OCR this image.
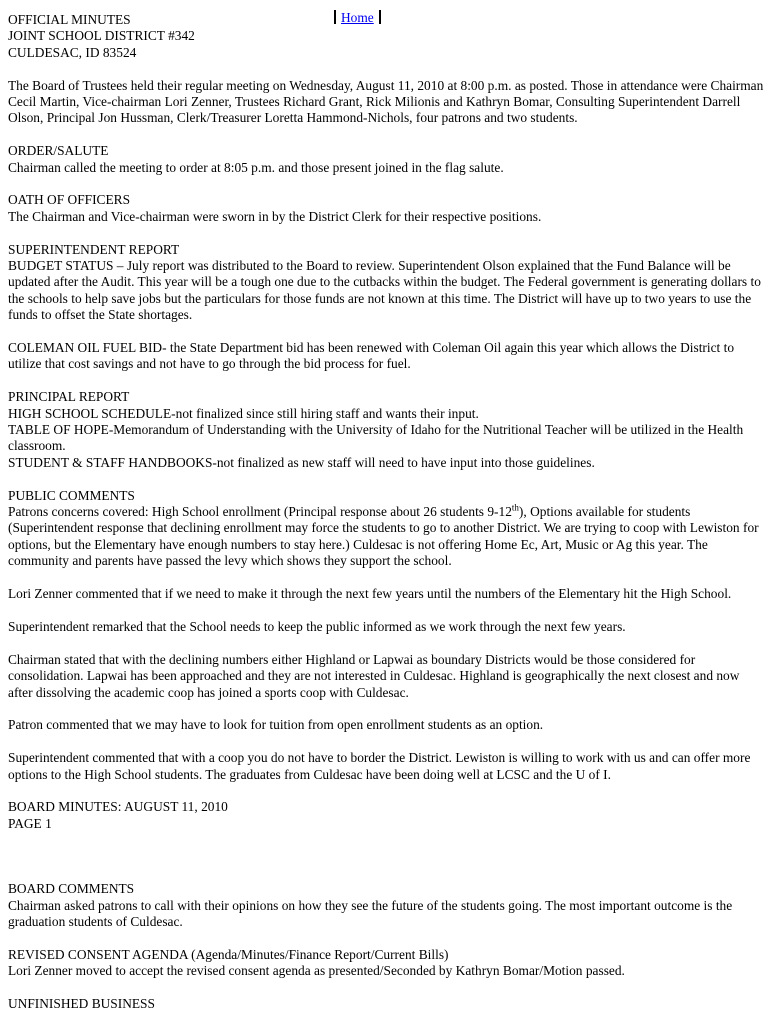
OFFICIAL MINUTES
JOINT SCHOOL DISTRICT #342
CULDESAC, ID 83524
Home

The Board of Trustees held their regular meeting on Wednesday, August 11, 2010 at 8:00 p.m. as posted. Those in attendance were Chairman Cecil Martin, Vice-chairman Lori Zenner, Trustees Richard Grant, Rick Milionis and Kathryn Bomar, Consulting Superintendent Darrell Olson, Principal Jon Hussman, Clerk/Treasurer Loretta Hammond-Nichols, four patrons and two students.

ORDER/SALUTE

Chairman called the meeting to order at 8:05 p.m. and those present joined in the flag salute.

OATH OF OFFICERS

The Chairman and Vice-chairman were sworn in by the District Clerk for their respective positions.

SUPERINTENDENT REPORT

BUDGET STATUS – July report was distributed to the Board to review. Superintendent Olson explained that the Fund Balance will be updated after the Audit. This year will be a tough one due to the cutbacks within the budget. The Federal government is generating dollars to the schools to help save jobs but the particulars for those funds are not known at this time. The District will have up to two years to use the funds to offset the State shortages.

COLEMAN OIL FUEL BID- the State Department bid has been renewed with Coleman Oil again this year which allows the District to utilize that cost savings and not have to go through the bid process for fuel.

PRINCIPAL REPORT

HIGH SCHOOL SCHEDULE-not finalized since still hiring staff and wants their input.

TABLE OF HOPE-Memorandum of Understanding with the University of Idaho for the Nutritional Teacher will be utilized in the Health classroom.

STUDENT & STAFF HANDBOOKS-not finalized as new staff will need to have input into those guidelines.

PUBLIC COMMENTS

Patrons concerns covered: High School enrollment (Principal response about 26 students 9-12th), Options available for students (Superintendent response that declining enrollment may force the students to go to another District. We are trying to coop with Lewiston for options, but the Elementary have enough numbers to stay here.) Culdesac is not offering Home Ec, Art, Music or Ag this year. The community and parents have passed the levy which shows they support the school.

Lori Zenner commented that if we need to make it through the next few years until the numbers of the Elementary hit the High School.

Superintendent remarked that the School needs to keep the public informed as we work through the next few years.

Chairman stated that with the declining numbers either Highland or Lapwai as boundary Districts would be those considered for consolidation. Lapwai has been approached and they are not interested in Culdesac. Highland is geographically the next closest and now after dissolving the academic coop has joined a sports coop with Culdesac.

Patron commented that we may have to look for tuition from open enrollment students as an option.

Superintendent commented that with a coop you do not have to border the District. Lewiston is willing to work with us and can offer more options to the High School students. The graduates from Culdesac have been doing well at LCSC and the U of I.

BOARD MINUTES: AUGUST 11, 2010
PAGE 1
BOARD COMMENTS

Chairman asked patrons to call with their opinions on how they see the future of the students going. The most important outcome is the graduation students of Culdesac.

REVISED CONSENT AGENDA (Agenda/Minutes/Finance Report/Current Bills)

Lori Zenner moved to accept the revised consent agenda as presented/Seconded by Kathryn Bomar/Motion passed.

UNFINISHED BUSINESS
